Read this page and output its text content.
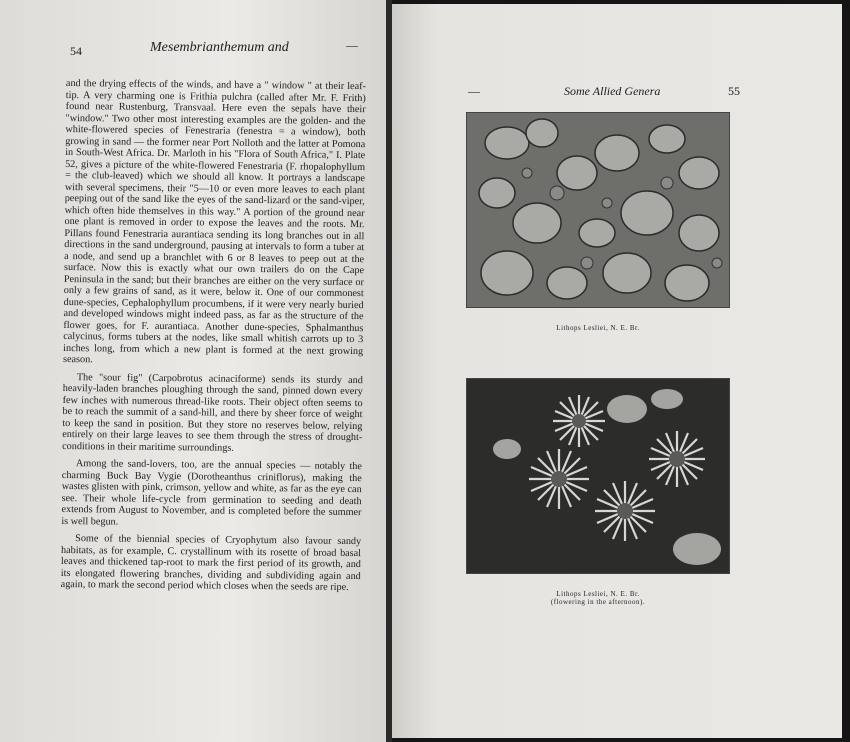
54	Mesembrianthemum and	—

and the drying effects of the winds, and have a " window " at their leaf-tip. A very charming one is Frithia pulchra (called after Mr. F. Frith) found near Rustenburg, Transvaal. Here even the sepals have their "window." Two other most interesting examples are the golden- and the white-flowered species of Fenestraria (fenestra = a window), both growing in sand — the former near Port Nolloth and the latter at Pomona in South-West Africa. Dr. Marloth in his "Flora of South Africa," I. Plate 52, gives a picture of the white-flowered Fenestraria (F. rhopalophyllum = the club-leaved) which we should all know. It portrays a landscape with several specimens, their "5—10 or even more leaves to each plant peeping out of the sand like the eyes of the sand-lizard or the sand-viper, which often hide themselves in this way." A portion of the ground near one plant is removed in order to expose the leaves and the roots. Mr. Pillans found Fenestraria aurantiaca sending its long branches out in all directions in the sand underground, pausing at intervals to form a tuber at a node, and send up a branchlet with 6 or 8 leaves to peep out at the surface. Now this is exactly what our own trailers do on the Cape Peninsula in the sand; but their branches are either on the very surface or only a few grains of sand, as it were, below it. One of our commonest dune-species, Cephalophyllum procumbens, if it were very nearly buried and developed windows might indeed pass, as far as the structure of the flower goes, for F. aurantiaca. Another dune-species, Sphalmanthus calycinus, forms tubers at the nodes, like small whitish carrots up to 3 inches long, from which a new plant is formed at the next growing season.

The "sour fig" (Carpobrotus acinaciforme) sends its sturdy and heavily-laden branches ploughing through the sand, pinned down every few inches with numerous thread-like roots. Their object often seems to be to reach the summit of a sand-hill, and there by sheer force of weight to keep the sand in position. But they store no reserves below, relying entirely on their large leaves to see them through the stress of drought-conditions in their maritime surroundings.

Among the sand-lovers, too, are the annual species — notably the charming Buck Bay Vygie (Dorotheanthus criniflorus), making the wastes glisten with pink, crimson, yellow and white, as far as the eye can see. Their whole life-cycle from germination to seeding and death extends from August to November, and is completed before the summer is well begun.

Some of the biennial species of Cryophytum also favour sandy habitats, as for example, C. crystallinum with its rosette of broad basal leaves and thickened tap-root to mark the first period of its growth, and its elongated flowering branches, dividing and subdividing again and again, to mark the second period which closes when the seeds are ripe.

—	Some Allied Genera	55
Lithops Lesliei, N. E. Br.
Lithops Lesliei, N. E. Br.
(flowering in the afternoon).
